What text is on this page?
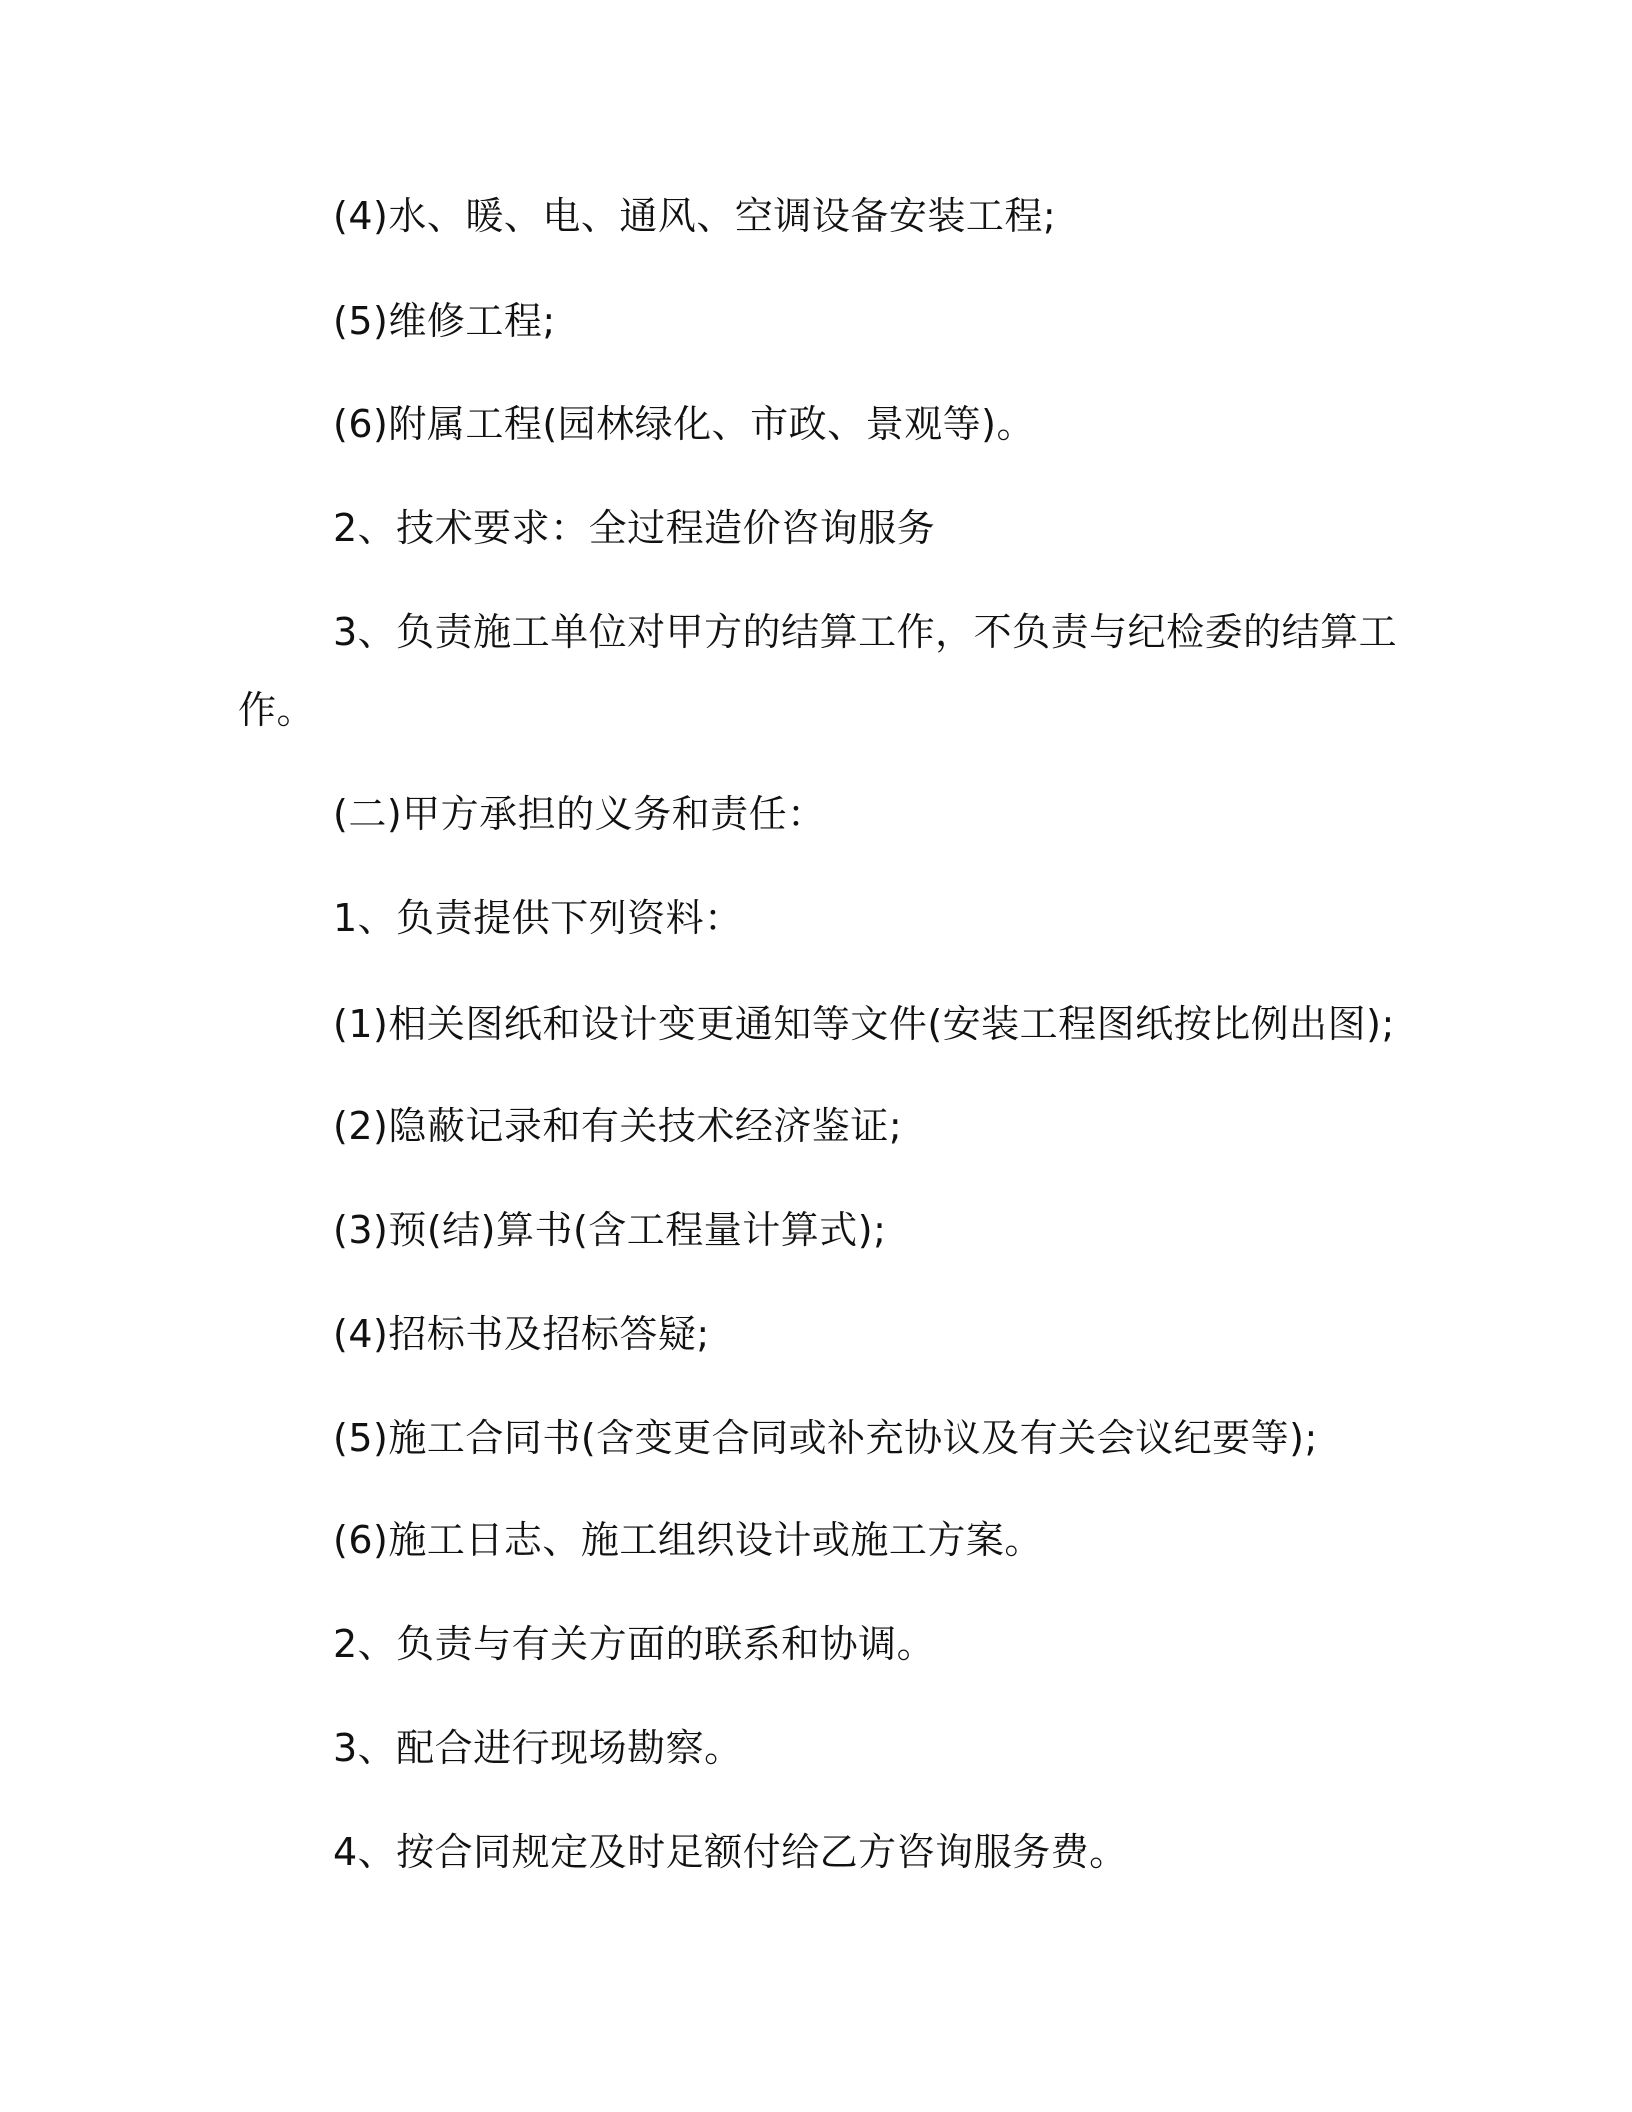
(4)水、暖、电、通风、空调设备安装工程;
(5)维修工程;
(6)附属工程(园林绿化、市政、景观等)。
2、技术要求：全过程造价咨询服务
3、负责施工单位对甲方的结算工作，不负责与纪检委的结算工
作。
(二)甲方承担的义务和责任：
1、负责提供下列资料：
(1)相关图纸和设计变更通知等文件(安装工程图纸按比例出图);
(2)隐蔽记录和有关技术经济鉴证;
(3)预(结)算书(含工程量计算式);
(4)招标书及招标答疑;
(5)施工合同书(含变更合同或补充协议及有关会议纪要等);
(6)施工日志、施工组织设计或施工方案。
2、负责与有关方面的联系和协调。
3、配合进行现场勘察。
4、按合同规定及时足额付给乙方咨询服务费。
